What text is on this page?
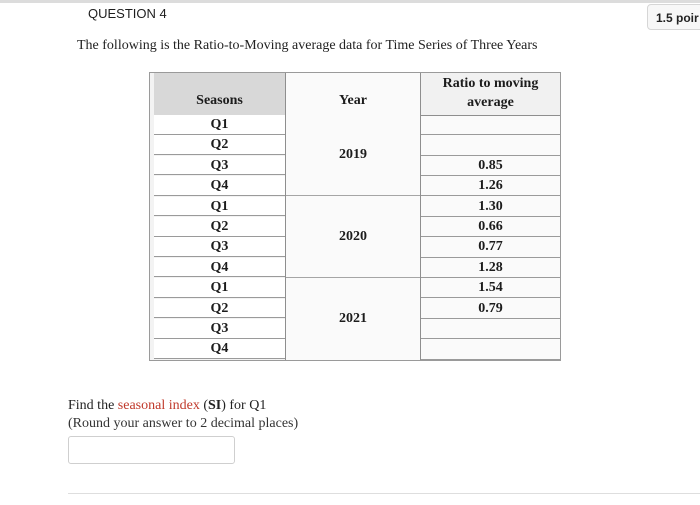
QUESTION 4	1.5 poir
The following is the Ratio-to-Moving average data for Time Series of Three Years
Seasons
Q1
Q2
Q3
Q4
Q1
Q2
Q3
Q4
Q1
Q2
Q3
Q4
Year
2019
2020
2021
Ratio to moving
average
0.85
1.26
1.30
0.66
0.77
1.28
1.54
0.79
Find the seasonal index (SI) for Q1
(Round your answer to 2 decimal places)
